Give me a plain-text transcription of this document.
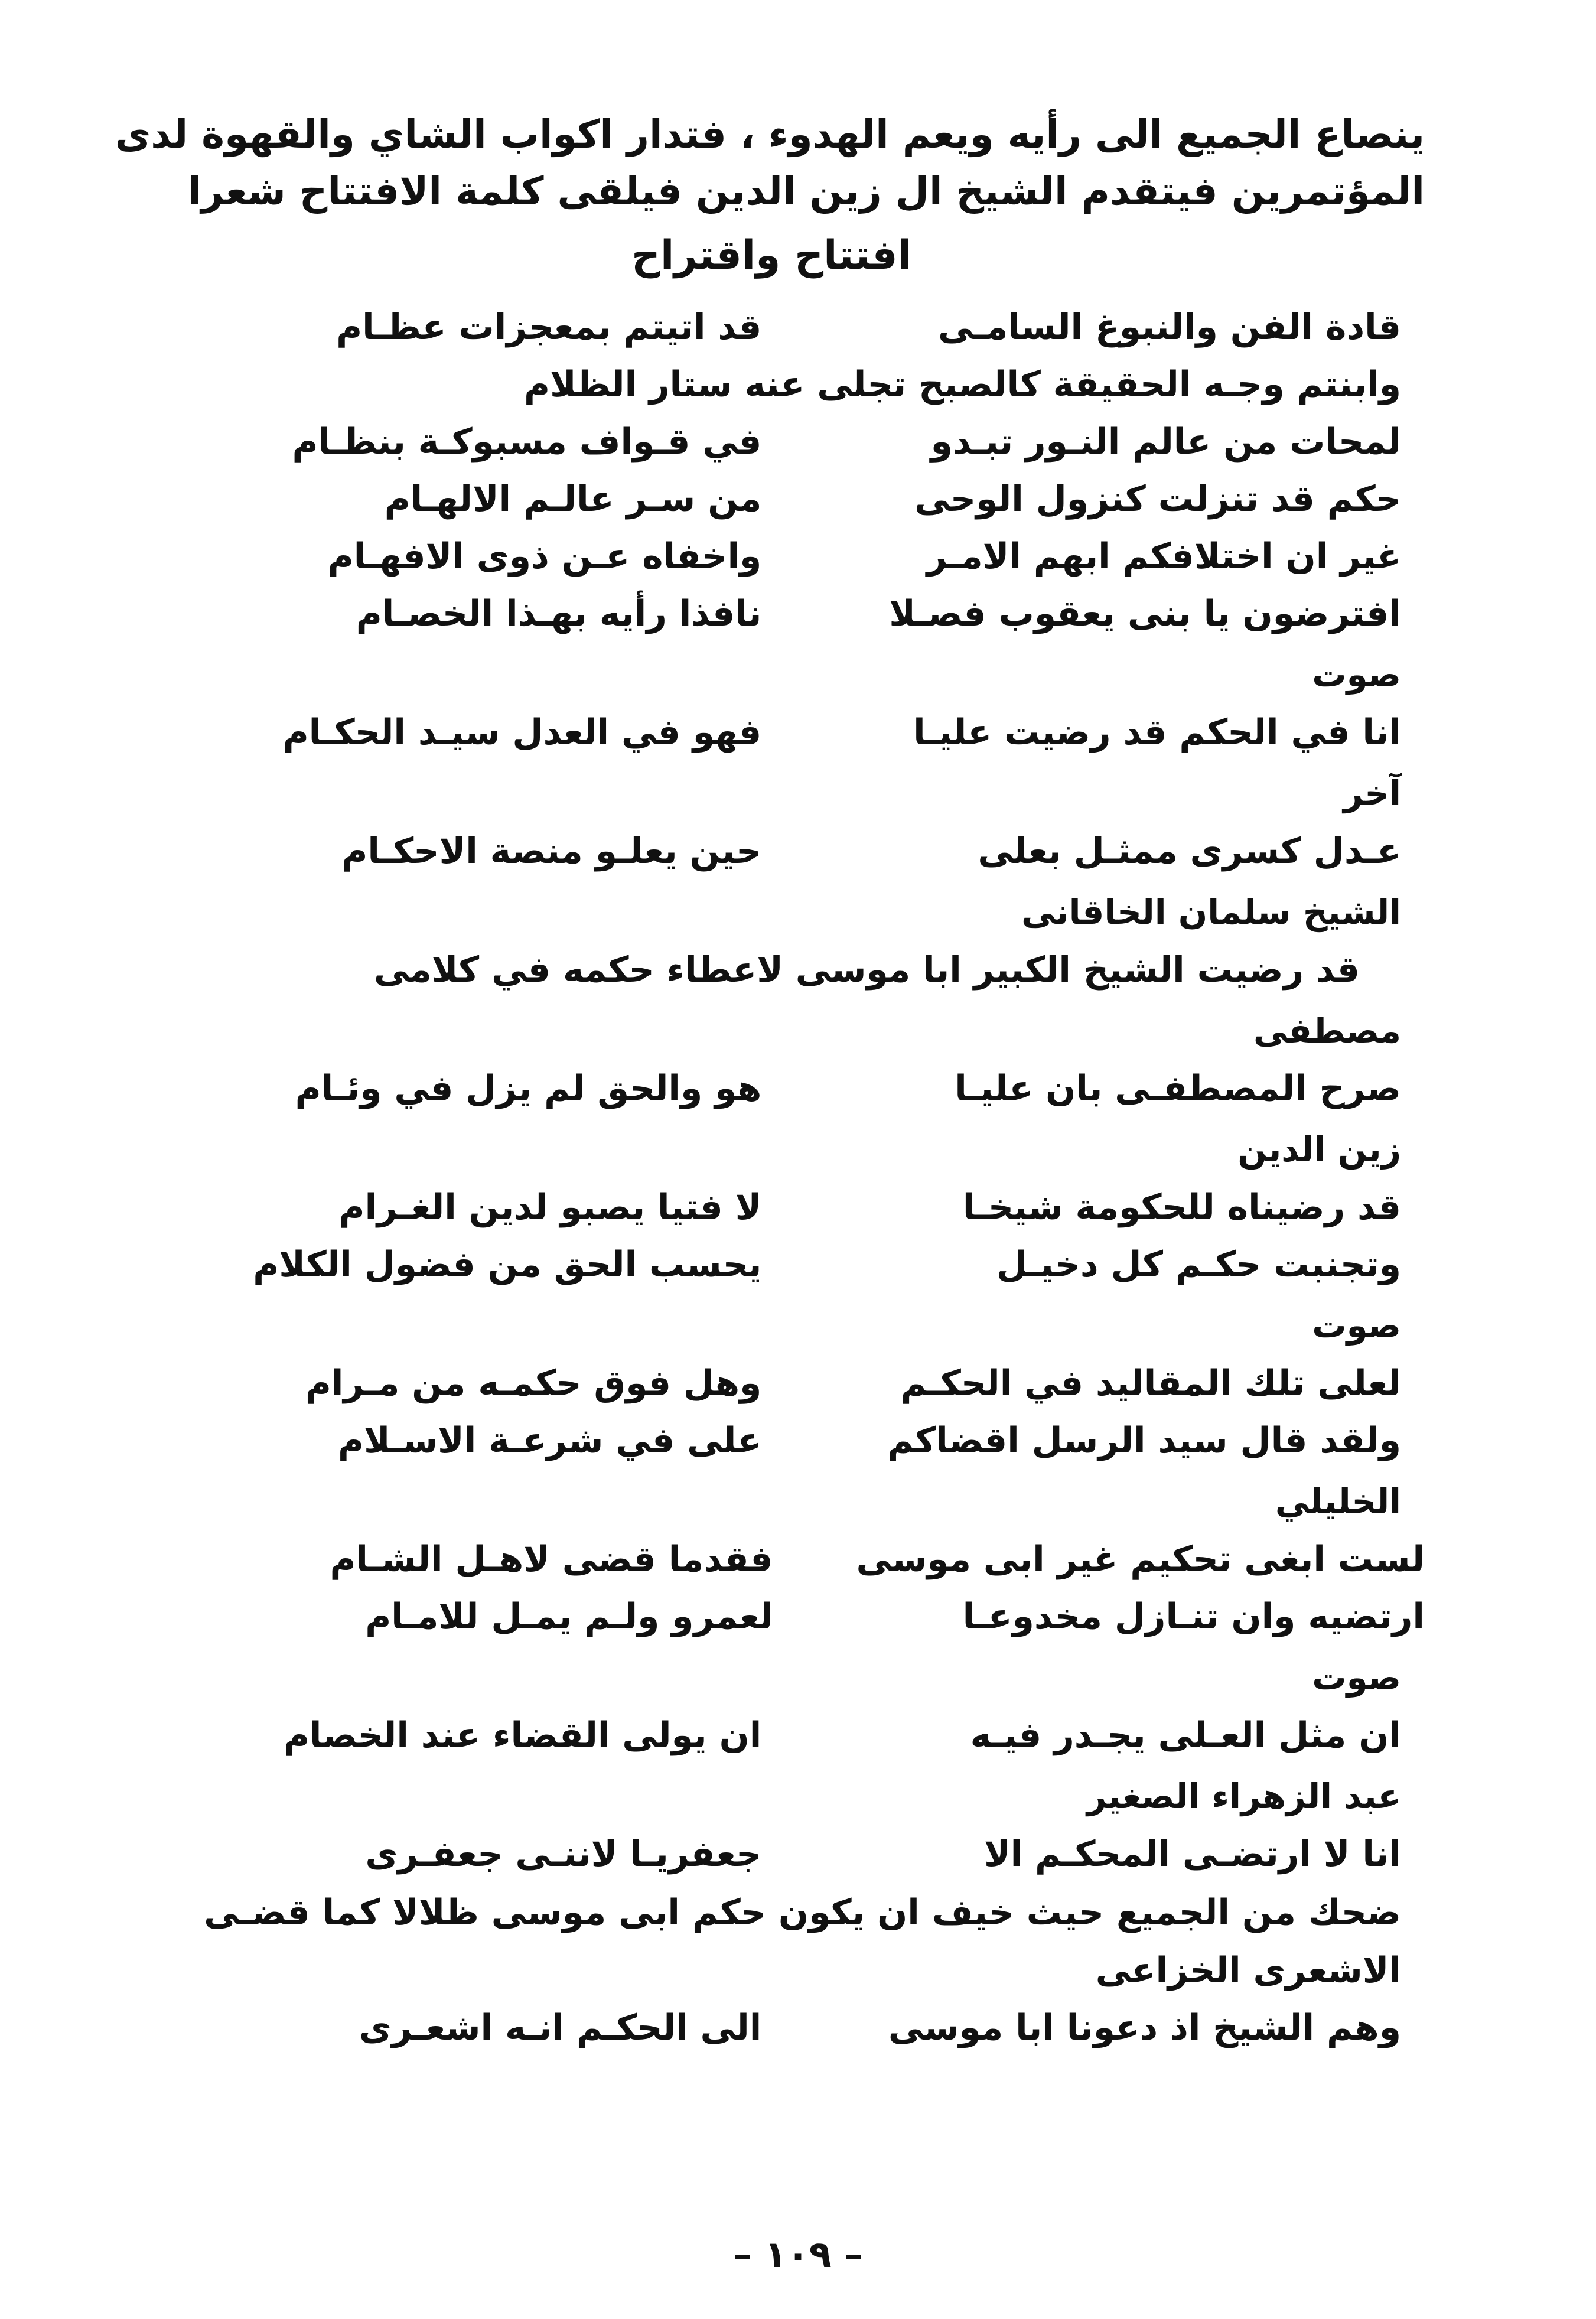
ينصاع الجميع الى رأيه ويعم الهدوء ، فتدار اكواب الشاي والقهوة لدى

المؤتمرين فيتقدم الشيخ ال زين الدين فيلقى كلمة الافتتاح شعرا

افتتاح واقتراح
قادة الفن والنبوغ السامـى
قد اتيتم بمعجزات عظـام
وابنتم وجـه الحقيقة كالصبح تجلى عنه ستار الظلام
لمحات من عالم النـور تبـدو
في قـواف مسبوكـة بنظـام
حكم قد تنزلت كنزول الوحى
من سـر عالـم الالهـام
غير ان اختلافكم ابهم الامـر
واخفاه عـن ذوى الافهـام
افترضون يا بنى يعقوب فصـلا
نافذا رأيه بهـذا الخصـام
صوت
انا في الحكم قد رضيت عليـا
فهو في العدل سيـد الحكـام
آخر
عـدل كسرى ممثـل بعلى
حين يعلـو منصة الاحكـام
الشيخ سلمان الخاقانى
قد رضيت الشيخ الكبير ابا موسى لاعطاء حكمه في كلامى
مصطفى
صرح المصطفـى بان عليـا
هو والحق لم يزل في وئـام
زين الدين
قد رضيناه للحكومة شيخـا
لا فتيا يصبو لدين الغـرام
وتجنبت حكـم كل دخيـل
يحسب الحق من فضول الكلام
صوت
لعلى تلك المقاليد في الحكـم
وهل فوق حكمـه من مـرام
ولقد قال سيد الرسل اقضاكم
على في شرعـة الاسـلام
الخليلي
لست ابغى تحكيم غير ابى موسى
فقدما قضى لاهـل الشـام
ارتضيه وان تنـازل مخدوعـا
لعمرو ولـم يمـل للامـام
صوت
ان مثل العـلى يجـدر فيـه
ان يولى القضاء عند الخصام
عبد الزهراء الصغير
انا لا ارتضـى المحكـم الا
جعفريـا لاننـى جعفـرى
ضحك من الجميع حيث خيف ان يكون حكم ابى موسى ظلالا كما قضـى
الاشعرى الخزاعى
وهم الشيخ اذ دعونا ابا موسى
الى الحكـم انـه اشعـرى
– ١٠٩ –
